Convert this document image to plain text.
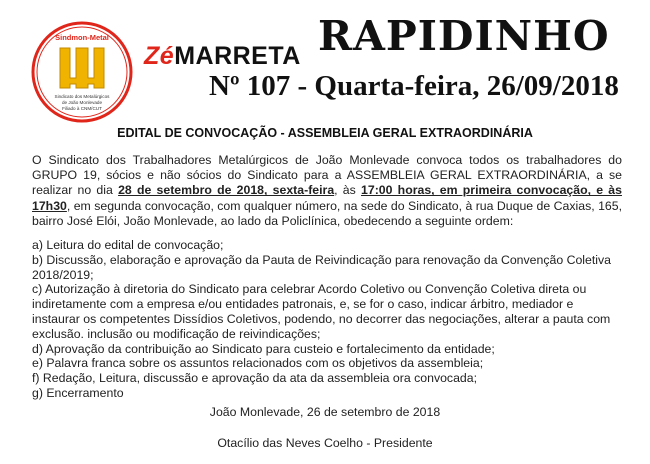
Sindmon-Metal
Sindicato dos Metalúrgicos
de João Monlevade
Filiado à CNM/CUT
ZéMARRETA RAPIDINHO
Nº 107 - Quarta-feira, 26/09/2018
EDITAL DE CONVOCAÇÃO - ASSEMBLEIA GERAL EXTRAORDINÁRIA
O Sindicato dos Trabalhadores Metalúrgicos de João Monlevade convoca todos os trabalhadores do GRUPO 19, sócios e não sócios do Sindicato para a ASSEMBLEIA GERAL EXTRAORDINÁRIA, a se realizar no dia 28 de setembro de 2018, sexta-feira, às 17:00 horas, em primeira convocação, e às 17h30, em segunda convocação, com qualquer número, na sede do Sindicato, à rua Duque de Caxias, 165, bairro José Elói, João Monlevade, ao lado da Policlínica, obedecendo a seguinte ordem:
a) Leitura do edital de convocação;
b) Discussão, elaboração e aprovação da Pauta de Reivindicação para renovação da Convenção Coletiva 2018/2019;
c) Autorização à diretoria do Sindicato para celebrar Acordo Coletivo ou Convenção Coletiva direta ou indiretamente com a empresa e/ou entidades patronais, e, se for o caso, indicar árbitro, mediador e instaurar os competentes Dissídios Coletivos, podendo, no decorrer das negociações, alterar a pauta com exclusão. inclusão ou modificação de reivindicações;
d) Aprovação da contribuição ao Sindicato para custeio e fortalecimento da entidade;
e) Palavra franca sobre os assuntos relacionados com os objetivos da assembleia;
f) Redação, Leitura, discussão e aprovação da ata da assembleia ora convocada;
g) Encerramento
João Monlevade, 26 de setembro de 2018
Otacílio das Neves Coelho - Presidente
